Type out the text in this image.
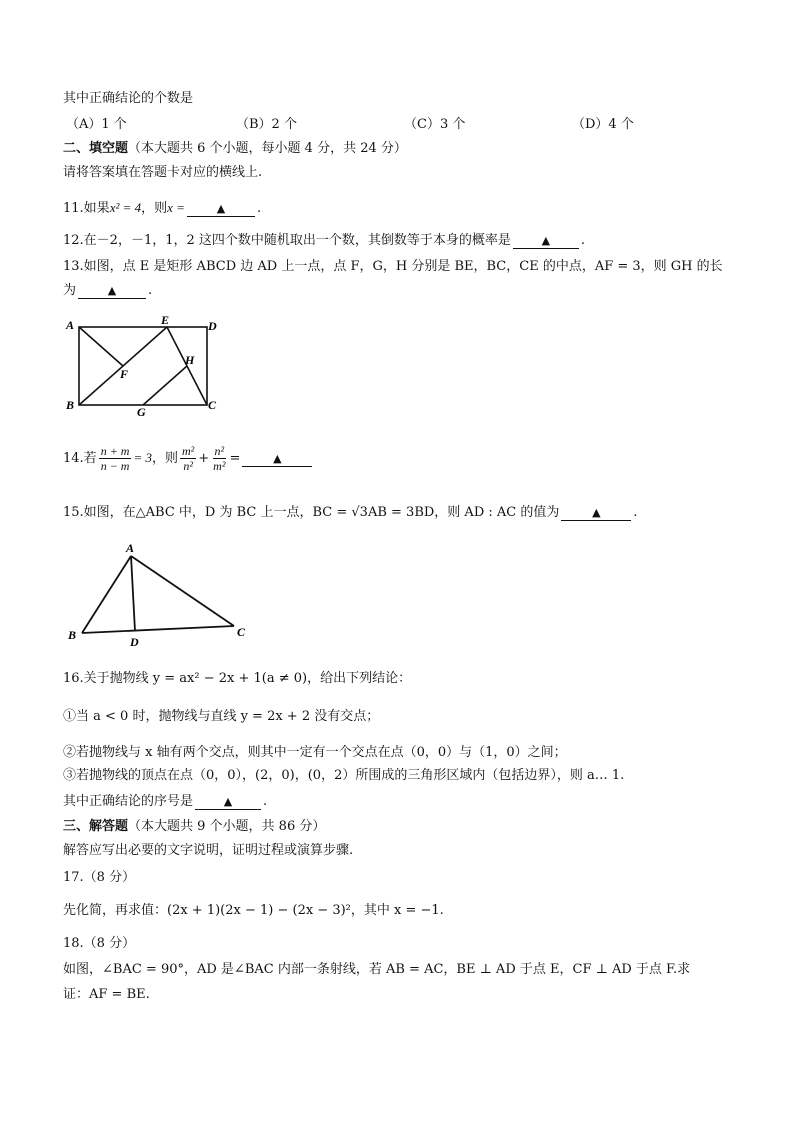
其中正确结论的个数是
（A）1 个	（B）2 个	（C）3 个	（D）4 个
二、填空题（本大题共 6 个小题，每小题 4 分，共 24 分）
请将答案填在答题卡对应的横线上.
11.如果x² = 4，则x =	▲ .
12.在－2，－1，1，2 这四个数中随机取出一个数，其倒数等于本身的概率是	▲ .
13.如图，点 E 是矩形 ABCD 边 AD 上一点，点 F，G，H 分别是 BE，BC，CE 的中点，AF = 3，则 GH 的长
为	▲ .
A	E	D
F
H
B	G	C
14.若 $\frac{n + m}{n - m} = 3$，则 $\frac{\text{m²}}{\text{n²}} + \frac{\text{n²}}{\text{m²}}$ =	▲
15.如图，在△ABC 中，D 为 BC 上一点，BC = √3AB = 3BD，则 AD : AC 的值为	▲	.
A
B	D
C
16.关于抛物线 y = ax² − 2x + 1(a ≠ 0)，给出下列结论：
①当 a < 0 时，抛物线与直线 y = 2x + 2 没有交点；
②若抛物线与 x 轴有两个交点，则其中一定有一个交点在点（0，0）与（1，0）之间；
③若抛物线的顶点在点（0，0），(2，0)，(0，2）所围成的三角形区域内（包括边界），则 a… 1.
其中正确结论的序号是	▲ .
三、解答题（本大题共 9 个小题，共 86 分）
解答应写出必要的文字说明，证明过程或演算步骤.
17.（8 分）
先化简，再求值：(2x + 1)(2x − 1) − (2x − 3)²，其中 x = −1.
18.（8 分）
如图，∠BAC = 90°，AD 是∠BAC 内部一条射线，若 AB = AC，BE ⊥ AD 于点 E，CF ⊥ AD 于点 F.求
证：AF = BE.
